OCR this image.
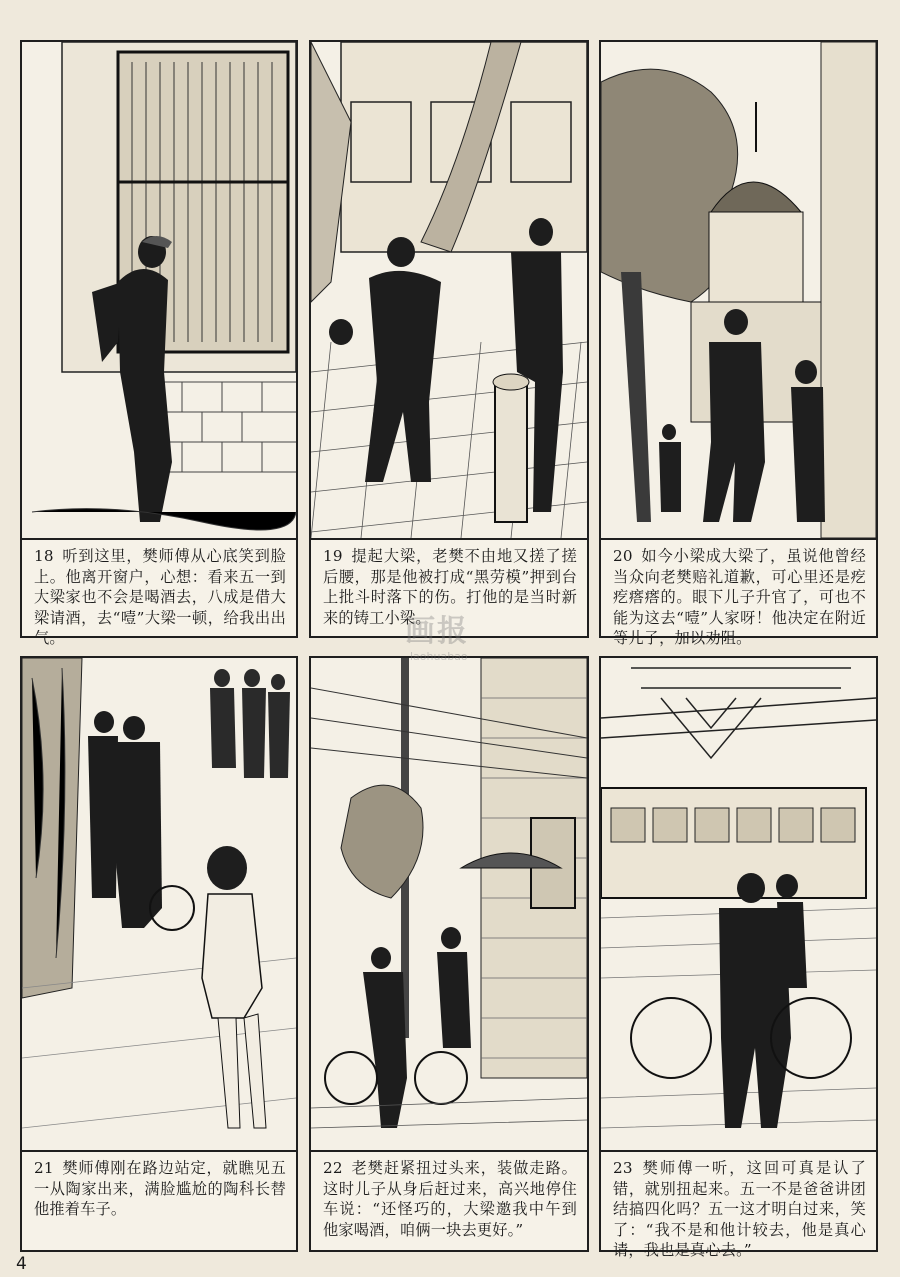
18 听到这里，樊师傅从心底笑到脸上。他离开窗户，心想：看来五一到大梁家也不会是喝酒去，八成是借大梁请酒，去“噎”大梁一顿，给我出出气。
19 提起大梁，老樊不由地又搓了搓后腰，那是他被打成“黑劳模”押到台上批斗时落下的伤。打他的是当时新来的铸工小梁。
20 如今小梁成大梁了，虽说他曾经当众向老樊赔礼道歉，可心里还是疙疙瘩瘩的。眼下儿子升官了，可也不能为这去“噎”人家呀！他决定在附近等儿子，加以劝阻。
21 樊师傅刚在路边站定，就瞧见五一从陶家出来，满脸尴尬的陶科长替他推着车子。
22 老樊赶紧扭过头来，装做走路。这时儿子从身后赶过来，高兴地停住车说：“还怪巧的，大梁邀我中午到他家喝酒，咱俩一块去更好。”
23 樊师傅一听，这回可真是认了错，就别扭起来。五一不是爸爸讲团结搞四化吗？五一这才明白过来，笑了：“我不是和他计较去，他是真心请，我也是真心去。”
画报
laohuabao
4
